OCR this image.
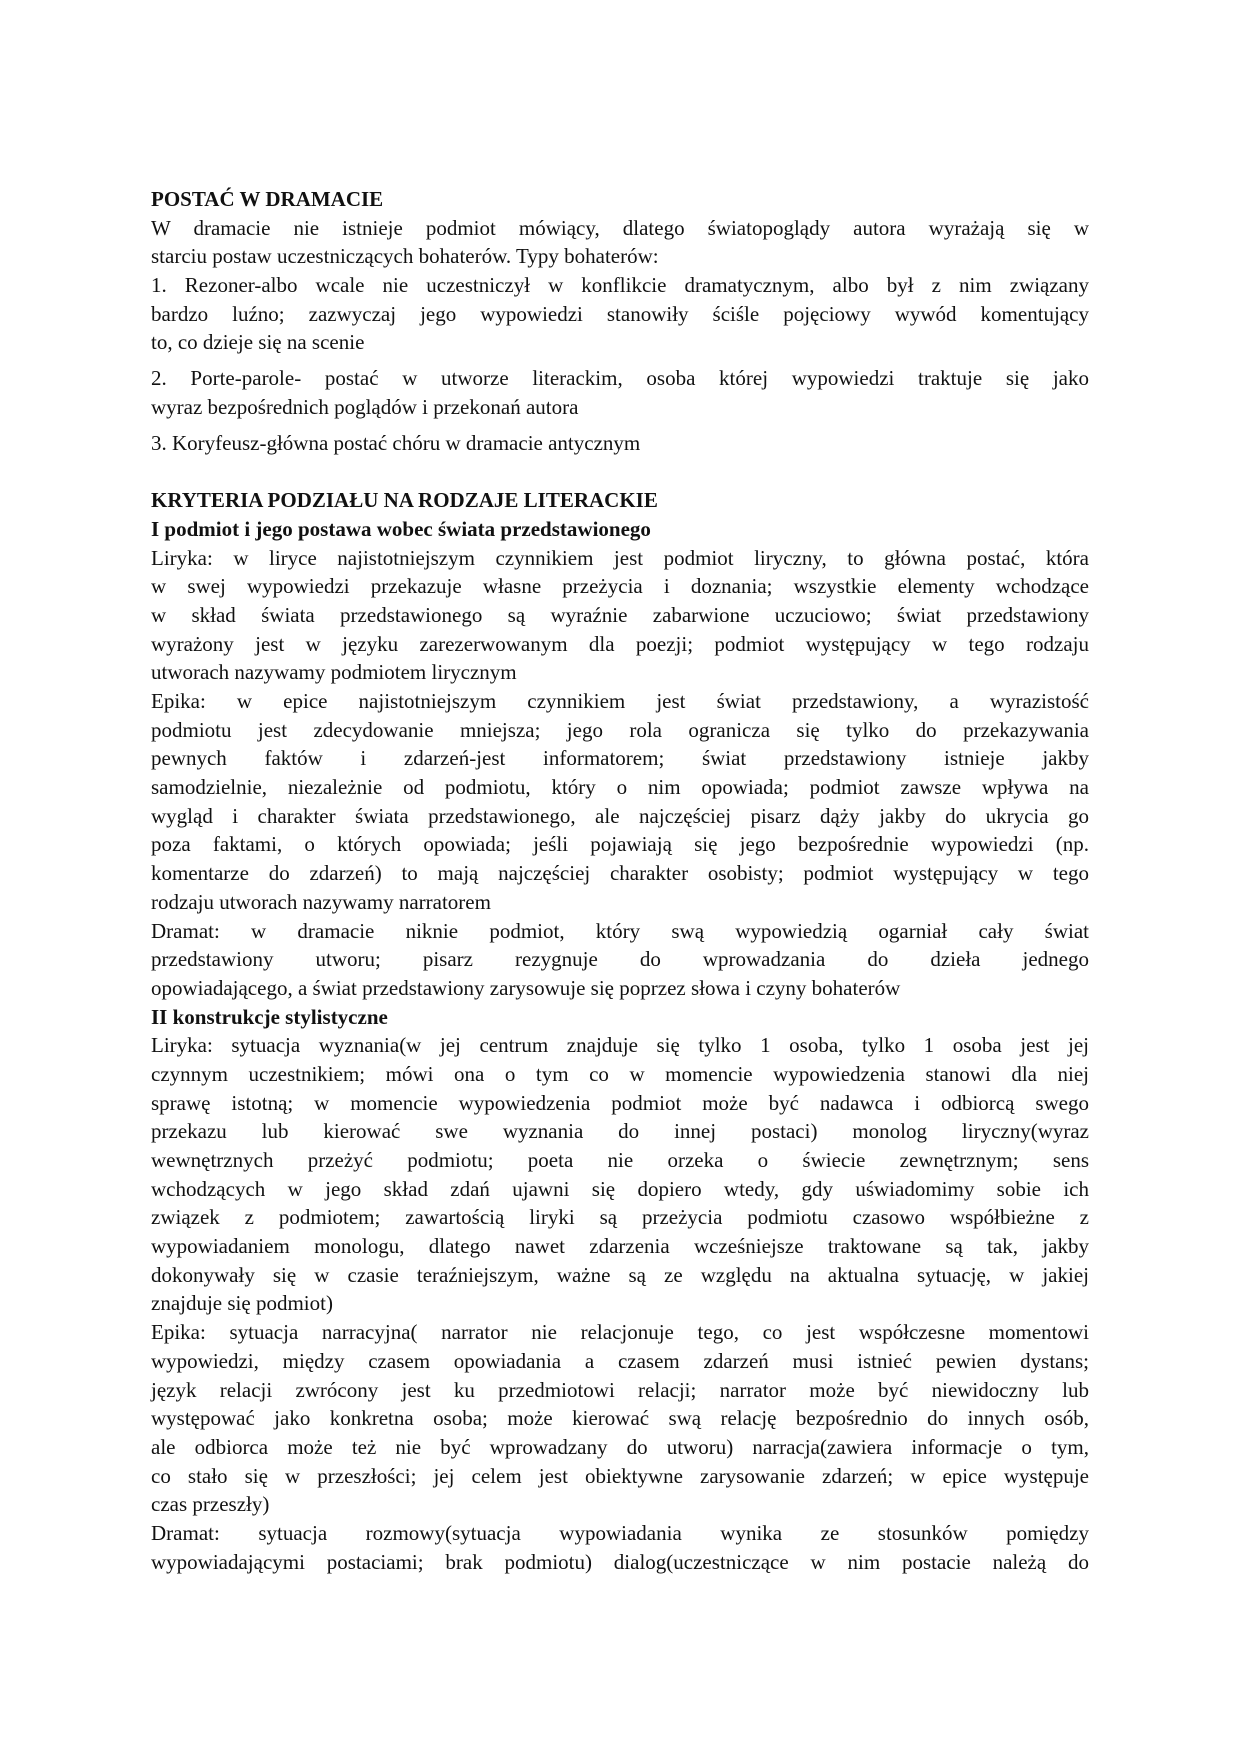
POSTAĆ W DRAMACIE
W dramacie nie istnieje podmiot mówiący, dlatego światopoglądy autora wyrażają się w
starciu postaw uczestniczących bohaterów. Typy bohaterów:
1. Rezoner-albo wcale nie uczestniczył w konflikcie dramatycznym, albo był z nim związany
bardzo luźno; zazwyczaj jego wypowiedzi stanowiły ściśle pojęciowy wywód komentujący
to, co dzieje się na scenie
2. Porte-parole- postać w utworze literackim, osoba której wypowiedzi traktuje się jako
wyraz bezpośrednich poglądów i przekonań autora
3. Koryfeusz-główna postać chóru w dramacie antycznym
KRYTERIA PODZIAŁU NA RODZAJE LITERACKIE
I podmiot i jego postawa wobec świata przedstawionego
Liryka: w liryce najistotniejszym czynnikiem jest podmiot liryczny, to główna postać, która
w swej wypowiedzi przekazuje własne przeżycia i doznania; wszystkie elementy wchodzące
w skład świata przedstawionego są wyraźnie zabarwione uczuciowo; świat przedstawiony
wyrażony jest w języku zarezerwowanym dla poezji; podmiot występujący w tego rodzaju
utworach nazywamy podmiotem lirycznym
Epika: w epice najistotniejszym czynnikiem jest świat przedstawiony, a wyrazistość
podmiotu jest zdecydowanie mniejsza; jego rola ogranicza się tylko do przekazywania
pewnych faktów i zdarzeń-jest informatorem; świat przedstawiony istnieje jakby
samodzielnie, niezależnie od podmiotu, który o nim opowiada; podmiot zawsze wpływa na
wygląd i charakter świata przedstawionego, ale najczęściej pisarz dąży jakby do ukrycia go
poza faktami, o których opowiada; jeśli pojawiają się jego bezpośrednie wypowiedzi (np.
komentarze do zdarzeń) to mają najczęściej charakter osobisty; podmiot występujący w tego
rodzaju utworach nazywamy narratorem
Dramat: w dramacie niknie podmiot, który swą wypowiedzią ogarniał cały świat
przedstawiony utworu; pisarz rezygnuje do wprowadzania do dzieła jednego
opowiadającego, a świat przedstawiony zarysowuje się poprzez słowa i czyny bohaterów
II konstrukcje stylistyczne
Liryka: sytuacja wyznania(w jej centrum znajduje się tylko 1 osoba, tylko 1 osoba jest jej
czynnym uczestnikiem; mówi ona o tym co w momencie wypowiedzenia stanowi dla niej
sprawę istotną; w momencie wypowiedzenia podmiot może być nadawca i odbiorcą swego
przekazu lub kierować swe wyznania do innej postaci) monolog liryczny(wyraz
wewnętrznych przeżyć podmiotu; poeta nie orzeka o świecie zewnętrznym; sens
wchodzących w jego skład zdań ujawni się dopiero wtedy, gdy uświadomimy sobie ich
związek z podmiotem; zawartością liryki są przeżycia podmiotu czasowo współbieżne z
wypowiadaniem monologu, dlatego nawet zdarzenia wcześniejsze traktowane są tak, jakby
dokonywały się w czasie teraźniejszym, ważne są ze względu na aktualna sytuację, w jakiej
znajduje się podmiot)
Epika: sytuacja narracyjna( narrator nie relacjonuje tego, co jest współczesne momentowi
wypowiedzi, między czasem opowiadania a czasem zdarzeń musi istnieć pewien dystans;
język relacji zwrócony jest ku przedmiotowi relacji; narrator może być niewidoczny lub
występować jako konkretna osoba; może kierować swą relację bezpośrednio do innych osób,
ale odbiorca może też nie być wprowadzany do utworu) narracja(zawiera informacje o tym,
co stało się w przeszłości; jej celem jest obiektywne zarysowanie zdarzeń; w epice występuje
czas przeszły)
Dramat: sytuacja rozmowy(sytuacja wypowiadania wynika ze stosunków pomiędzy
wypowiadającymi postaciami; brak podmiotu) dialog(uczestniczące w nim postacie należą do
